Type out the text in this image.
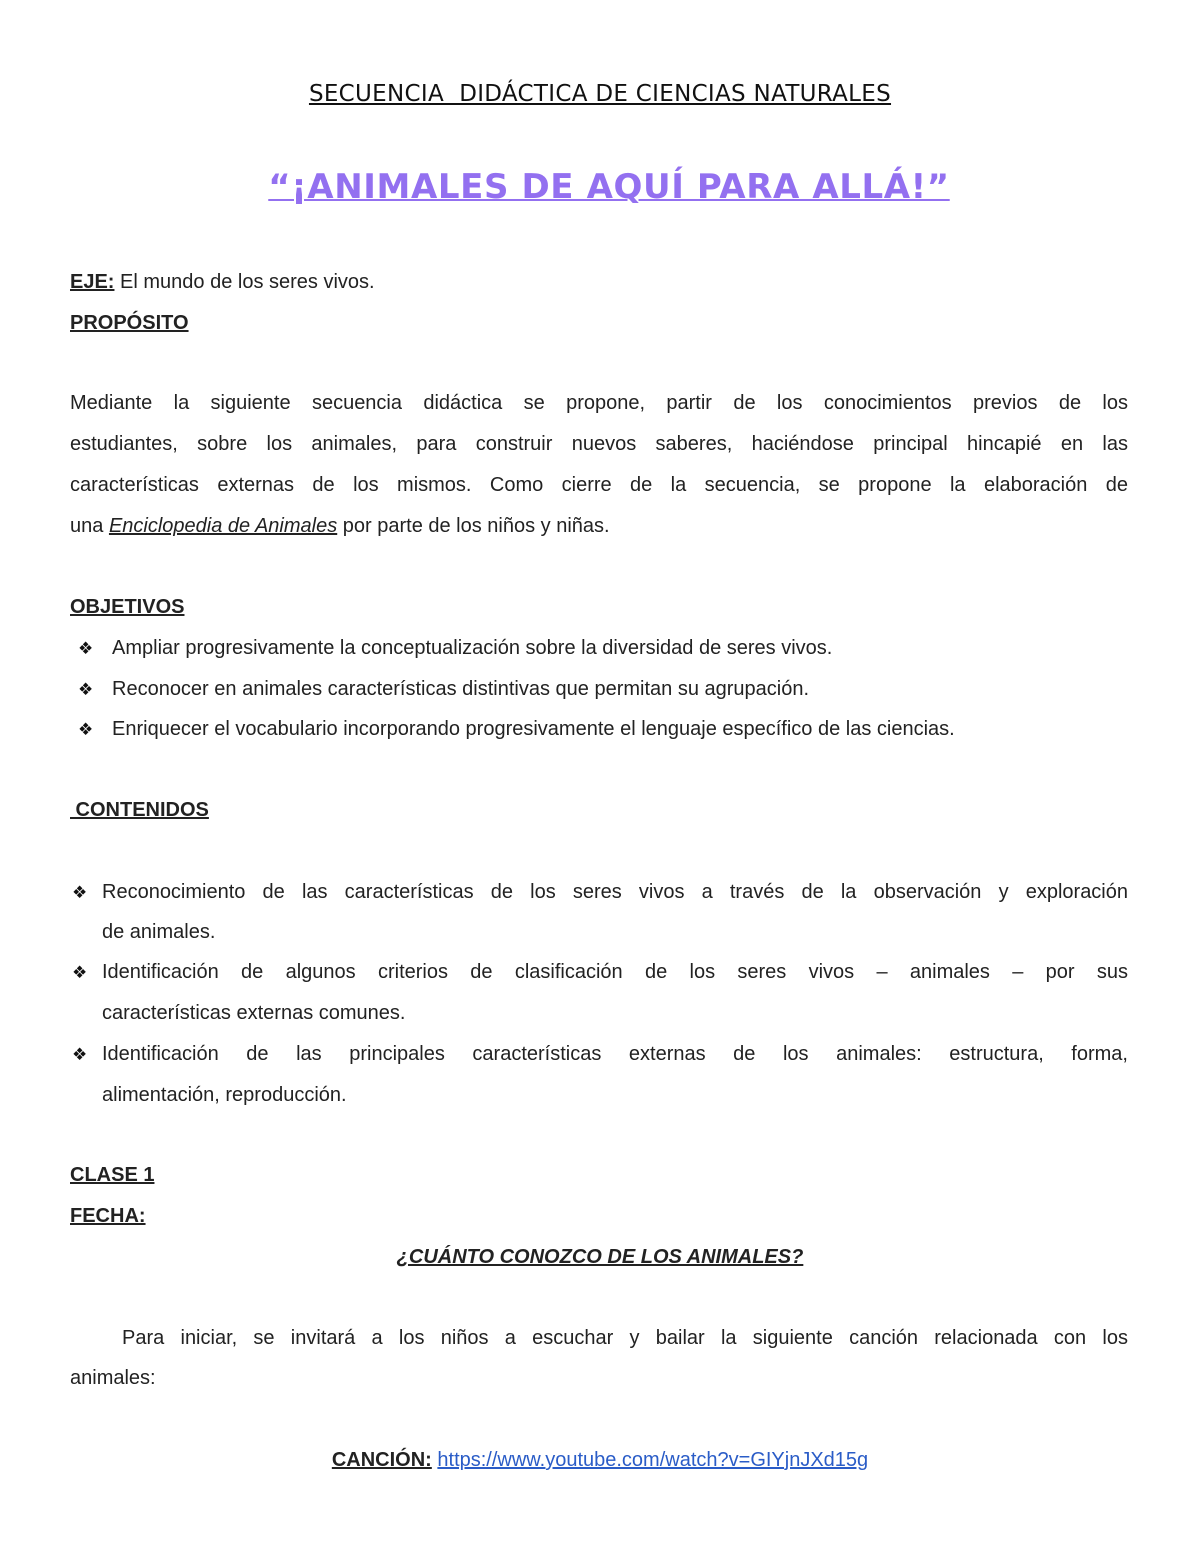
SECUENCIA  DIDÁCTICA DE CIENCIAS NATURALES
“¡ANIMALES DE AQUÍ PARA ALLÁ!”
EJE: El mundo de los seres vivos.
PROPÓSITO
Mediante la siguiente secuencia didáctica se propone, partir de los conocimientos previos de los
estudiantes, sobre los animales, para construir nuevos saberes, haciéndose principal hincapié en las
características externas de los mismos. Como cierre de la secuencia, se propone la elaboración de
una Enciclopedia de Animales por parte de los niños y niñas.
OBJETIVOS
❖ Ampliar progresivamente la conceptualización sobre la diversidad de seres vivos.
❖ Reconocer en animales características distintivas que permitan su agrupación.
❖ Enriquecer el vocabulario incorporando progresivamente el lenguaje específico de las ciencias.
CONTENIDOS
❖ Reconocimiento de las características de los seres vivos a través de la observación y exploración
de animales.
❖ Identificación de algunos criterios de clasificación de los seres vivos – animales – por sus
características externas comunes.
❖ Identificación de las principales características externas de los animales: estructura, forma,
alimentación, reproducción.
CLASE 1
FECHA:
¿CUÁNTO CONOZCO DE LOS ANIMALES?
Para iniciar, se invitará a los niños a escuchar y bailar la siguiente canción relacionada con los
animales:
CANCIÓN: https://www.youtube.com/watch?v=GIYjnJXd15g
